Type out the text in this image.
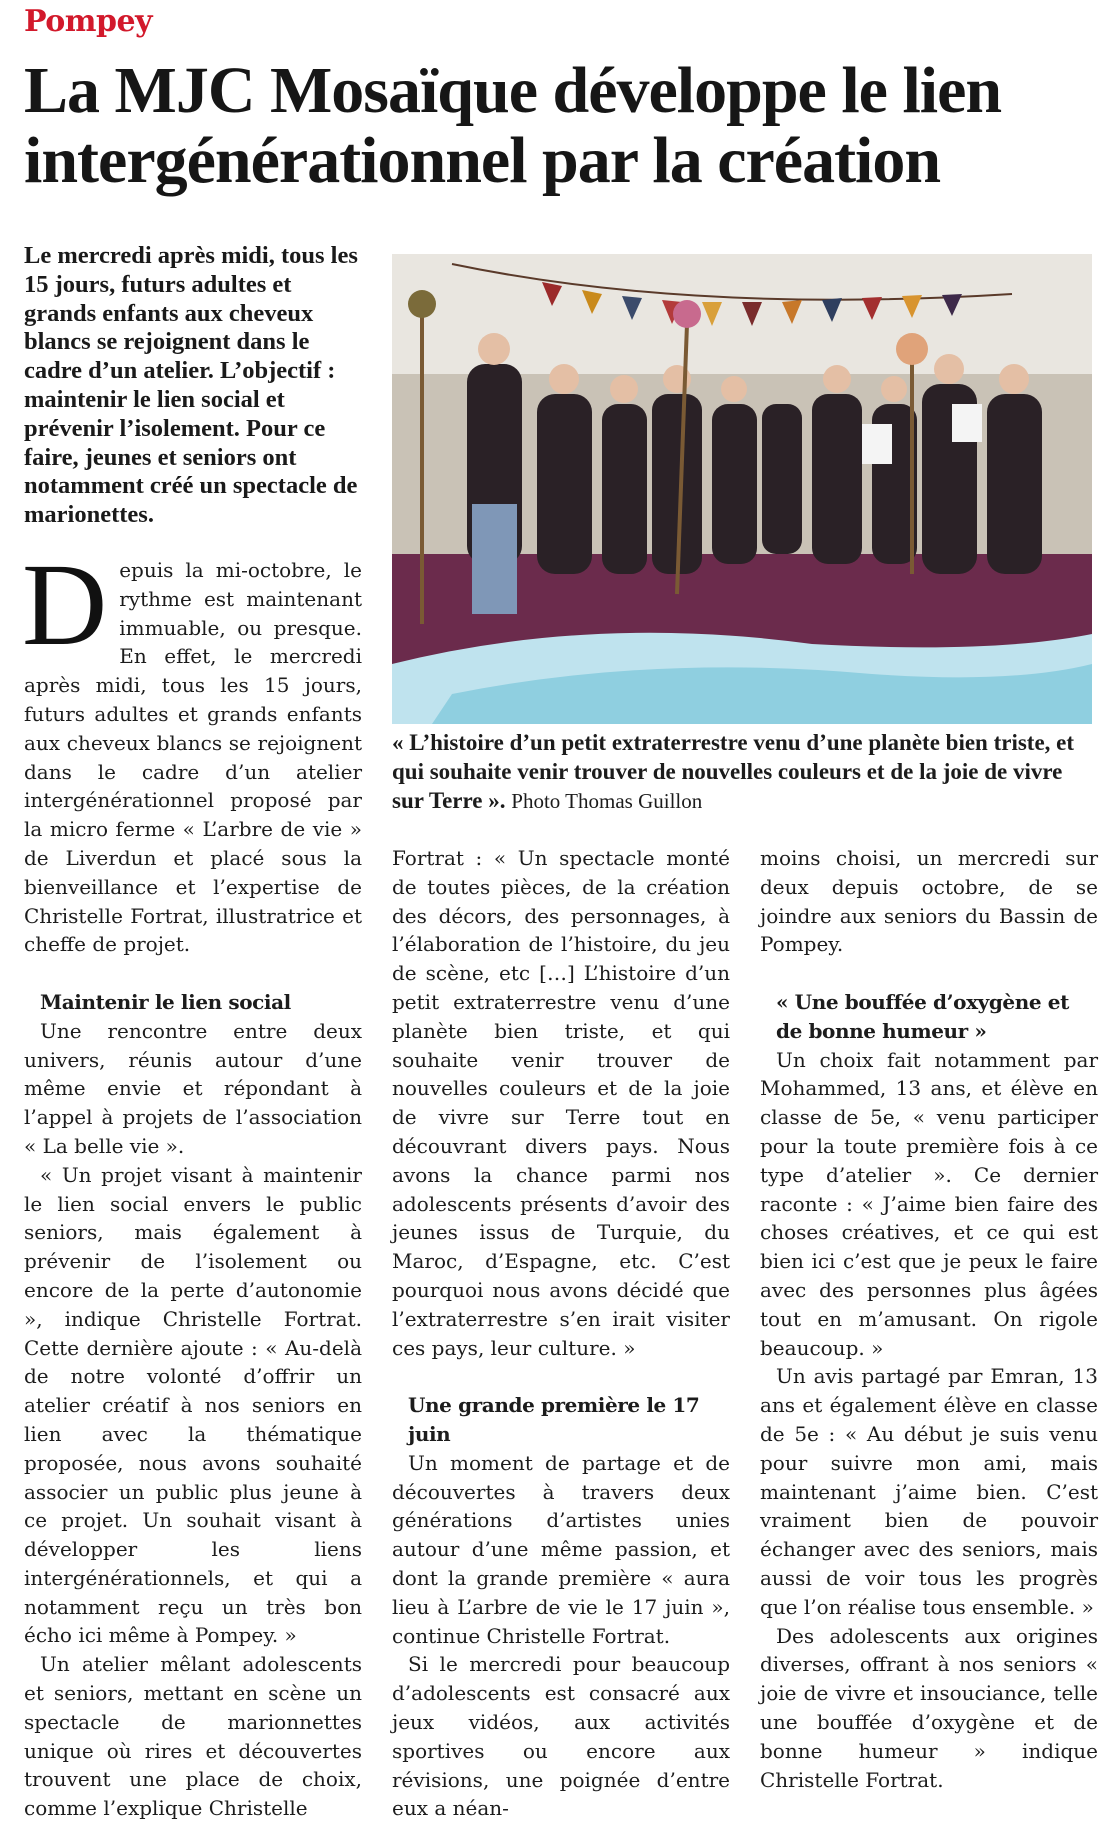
Pompey
La MJC Mosaïque développe le lien intergénérationnel par la création

Le mercredi après midi, tous les 15 jours, futurs adultes et grands enfants aux cheveux blancs se rejoignent dans le cadre d’un atelier. L’objectif : maintenir le lien social et prévenir l’isolement. Pour ce faire, jeunes et seniors ont notamment créé un spectacle de marionettes.

Depuis la mi-octobre, le rythme est maintenant immuable, ou presque. En effet, le mercredi après midi, tous les 15 jours, futurs adultes et grands enfants aux cheveux blancs se rejoignent dans le cadre d’un atelier intergénérationnel proposé par la micro ferme « L’arbre de vie » de Liverdun et placé sous la bienveillance et l’expertise de Christelle Fortrat, illustratrice et cheffe de projet.

Maintenir le lien social

Une rencontre entre deux univers, réunis autour d’une même envie et répondant à l’appel à projets de l’association « La belle vie ».

« Un projet visant à maintenir le lien social envers le public seniors, mais également à prévenir de l’isolement ou encore de la perte d’autonomie », indique Christelle Fortrat. Cette dernière ajoute : « Au-delà de notre volonté d’offrir un atelier créatif à nos seniors en lien avec la thématique proposée, nous avons souhaité associer un public plus jeune à ce projet. Un souhait visant à développer les liens intergénérationnels, et qui a notamment reçu un très bon écho ici même à Pompey. »

Un atelier mêlant adolescents et seniors, mettant en scène un spectacle de marionnettes unique où rires et découvertes trouvent une place de choix, comme l’explique Christelle

« L’histoire d’un petit extraterrestre venu d’une planète bien triste, et qui souhaite venir trouver de nouvelles couleurs et de la joie de vivre sur Terre ». Photo Thomas Guillon

Fortrat : « Un spectacle monté de toutes pièces, de la création des décors, des personnages, à l’élaboration de l’histoire, du jeu de scène, etc […] L’histoire d’un petit extraterrestre venu d’une planète bien triste, et qui souhaite venir trouver de nouvelles couleurs et de la joie de vivre sur Terre tout en découvrant divers pays. Nous avons la chance parmi nos adolescents présents d’avoir des jeunes issus de Turquie, du Maroc, d’Espagne, etc. C’est pourquoi nous avons décidé que l’extraterrestre s’en irait visiter ces pays, leur culture. »

Une grande première le 17 juin

Un moment de partage et de découvertes à travers deux générations d’artistes unies autour d’une même passion, et dont la grande première « aura lieu à L’arbre de vie le 17 juin », continue Christelle Fortrat.

Si le mercredi pour beaucoup d’adolescents est consacré aux jeux vidéos, aux activités sportives ou encore aux révisions, une poignée d’entre eux a néan-

moins choisi, un mercredi sur deux depuis octobre, de se joindre aux seniors du Bassin de Pompey.

« Une bouffée d’oxygène et de bonne humeur »

Un choix fait notamment par Mohammed, 13 ans, et élève en classe de 5e, « venu participer pour la toute première fois à ce type d’atelier ». Ce dernier raconte : « J’aime bien faire des choses créatives, et ce qui est bien ici c’est que je peux le faire avec des personnes plus âgées tout en m’amusant. On rigole beaucoup. »

Un avis partagé par Emran, 13 ans et également élève en classe de 5e : « Au début je suis venu pour suivre mon ami, mais maintenant j’aime bien. C’est vraiment bien de pouvoir échanger avec des seniors, mais aussi de voir tous les progrès que l’on réalise tous ensemble. »

Des adolescents aux origines diverses, offrant à nos seniors « joie de vivre et insouciance, telle une bouffée d’oxygène et de bonne humeur » indique Christelle Fortrat.
